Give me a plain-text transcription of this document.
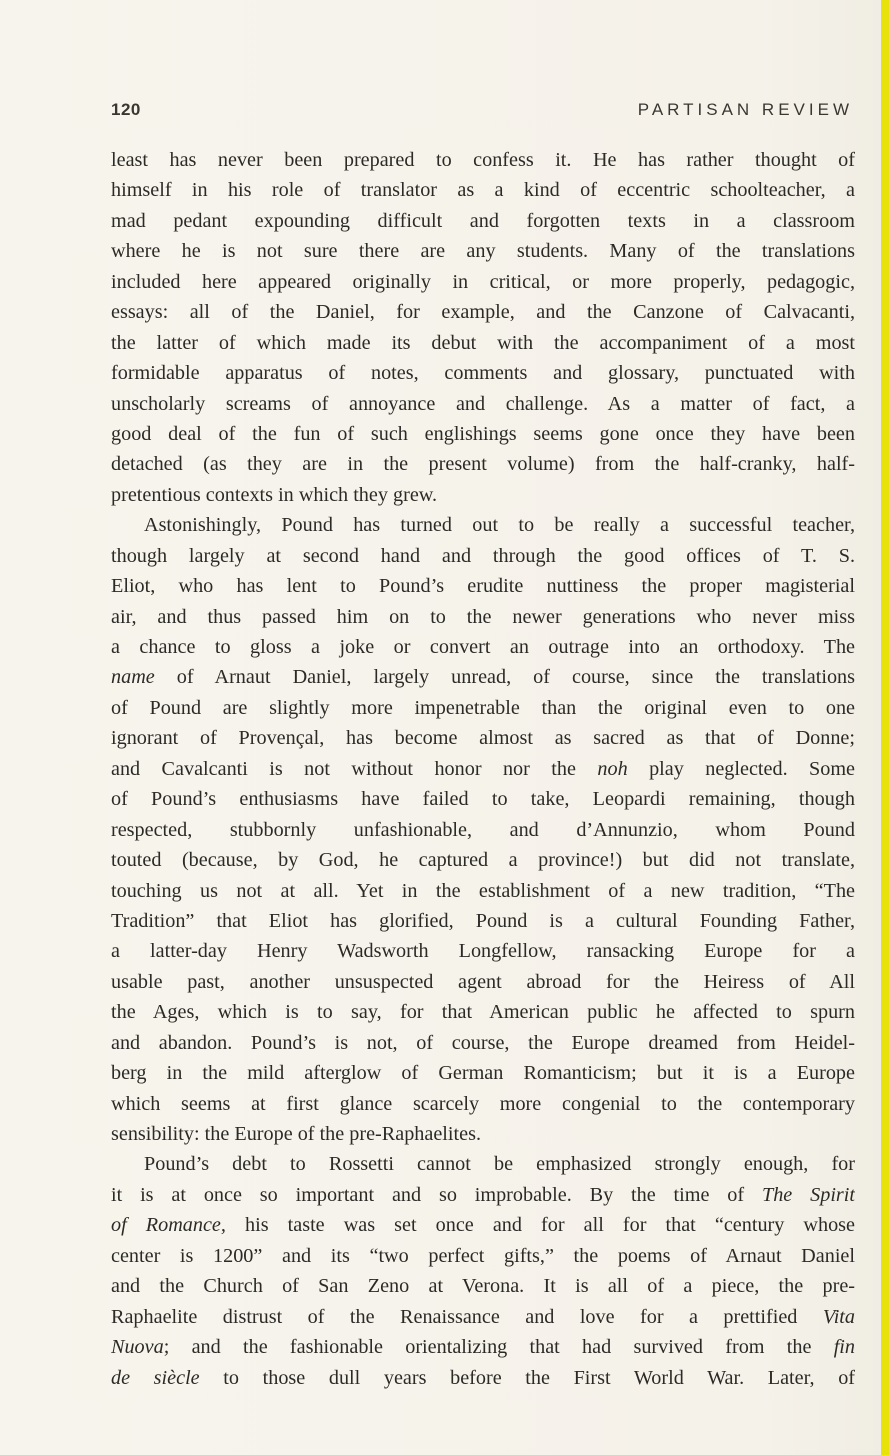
120	PARTISAN REVIEW
least has never been prepared to confess it. He has rather thought of
himself in his role of translator as a kind of eccentric schoolteacher, a
mad pedant expounding difficult and forgotten texts in a classroom
where he is not sure there are any students. Many of the translations
included here appeared originally in critical, or more properly, pedagogic,
essays: all of the Daniel, for example, and the Canzone of Calvacanti,
the latter of which made its debut with the accompaniment of a most
formidable apparatus of notes, comments and glossary, punctuated with
unscholarly screams of annoyance and challenge. As a matter of fact, a
good deal of the fun of such englishings seems gone once they have been
detached (as they are in the present volume) from the half-cranky, half-
pretentious contexts in which they grew.
Astonishingly, Pound has turned out to be really a successful teacher,
though largely at second hand and through the good offices of T. S.
Eliot, who has lent to Pound’s erudite nuttiness the proper magisterial
air, and thus passed him on to the newer generations who never miss
a chance to gloss a joke or convert an outrage into an orthodoxy. The
name of Arnaut Daniel, largely unread, of course, since the translations
of Pound are slightly more impenetrable than the original even to one
ignorant of Provençal, has become almost as sacred as that of Donne;
and Cavalcanti is not without honor nor the noh play neglected. Some
of Pound’s enthusiasms have failed to take, Leopardi remaining, though
respected, stubbornly unfashionable, and d’Annunzio, whom Pound
touted (because, by God, he captured a province!) but did not translate,
touching us not at all. Yet in the establishment of a new tradition, “The
Tradition” that Eliot has glorified, Pound is a cultural Founding Father,
a latter-day Henry Wadsworth Longfellow, ransacking Europe for a
usable past, another unsuspected agent abroad for the Heiress of All
the Ages, which is to say, for that American public he affected to spurn
and abandon. Pound’s is not, of course, the Europe dreamed from Heidel-
berg in the mild afterglow of German Romanticism; but it is a Europe
which seems at first glance scarcely more congenial to the contemporary
sensibility: the Europe of the pre-Raphaelites.
Pound’s debt to Rossetti cannot be emphasized strongly enough, for
it is at once so important and so improbable. By the time of The Spirit
of Romance, his taste was set once and for all for that “century whose
center is 1200” and its “two perfect gifts,” the poems of Arnaut Daniel
and the Church of San Zeno at Verona. It is all of a piece, the pre-
Raphaelite distrust of the Renaissance and love for a prettified Vita
Nuova; and the fashionable orientalizing that had survived from the fin
de siècle to those dull years before the First World War. Later, of
